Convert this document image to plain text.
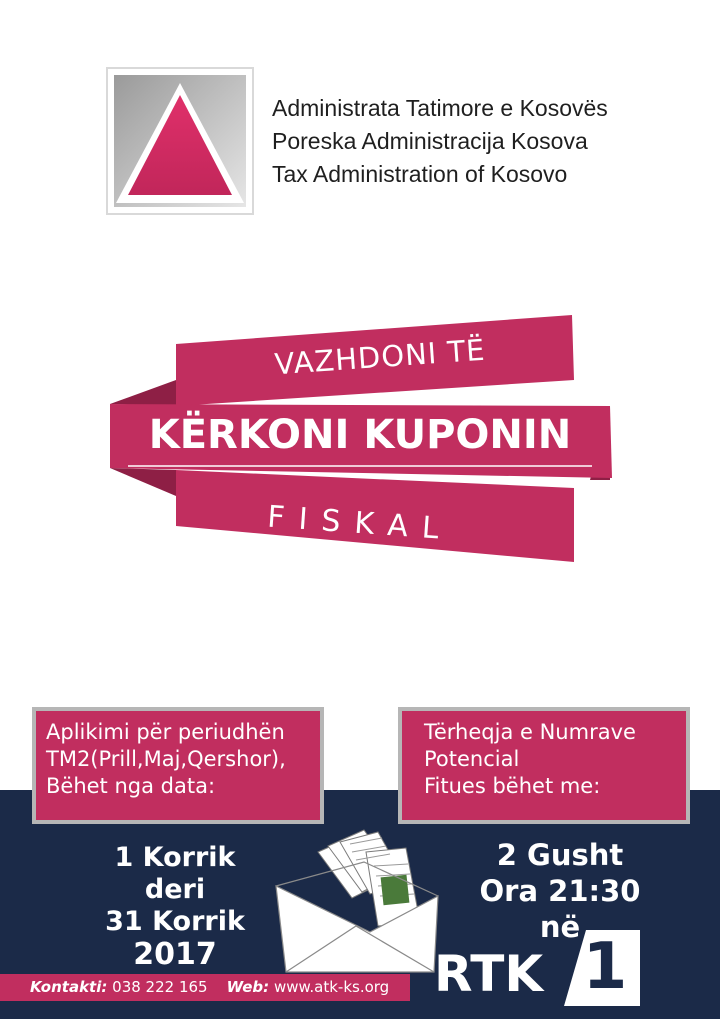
Administrata Tatimore e Kosovës
Poreska Administracija Kosova
Tax Administration of Kosovo
VAZHDONI TË
KËRKONI KUPONIN
FISKAL
Aplikimi për periudhën
TM2(Prill,Maj,Qershor),
Bëhet nga data:
Tërheqja e Numrave
Potencial
Fitues bëhet me:
1 Korrik
deri
31 Korrik
2017
2 Gusht
Ora 21:30
në
RTK 1
Kontakti: 038 222 165 Web: www.atk-ks.org
